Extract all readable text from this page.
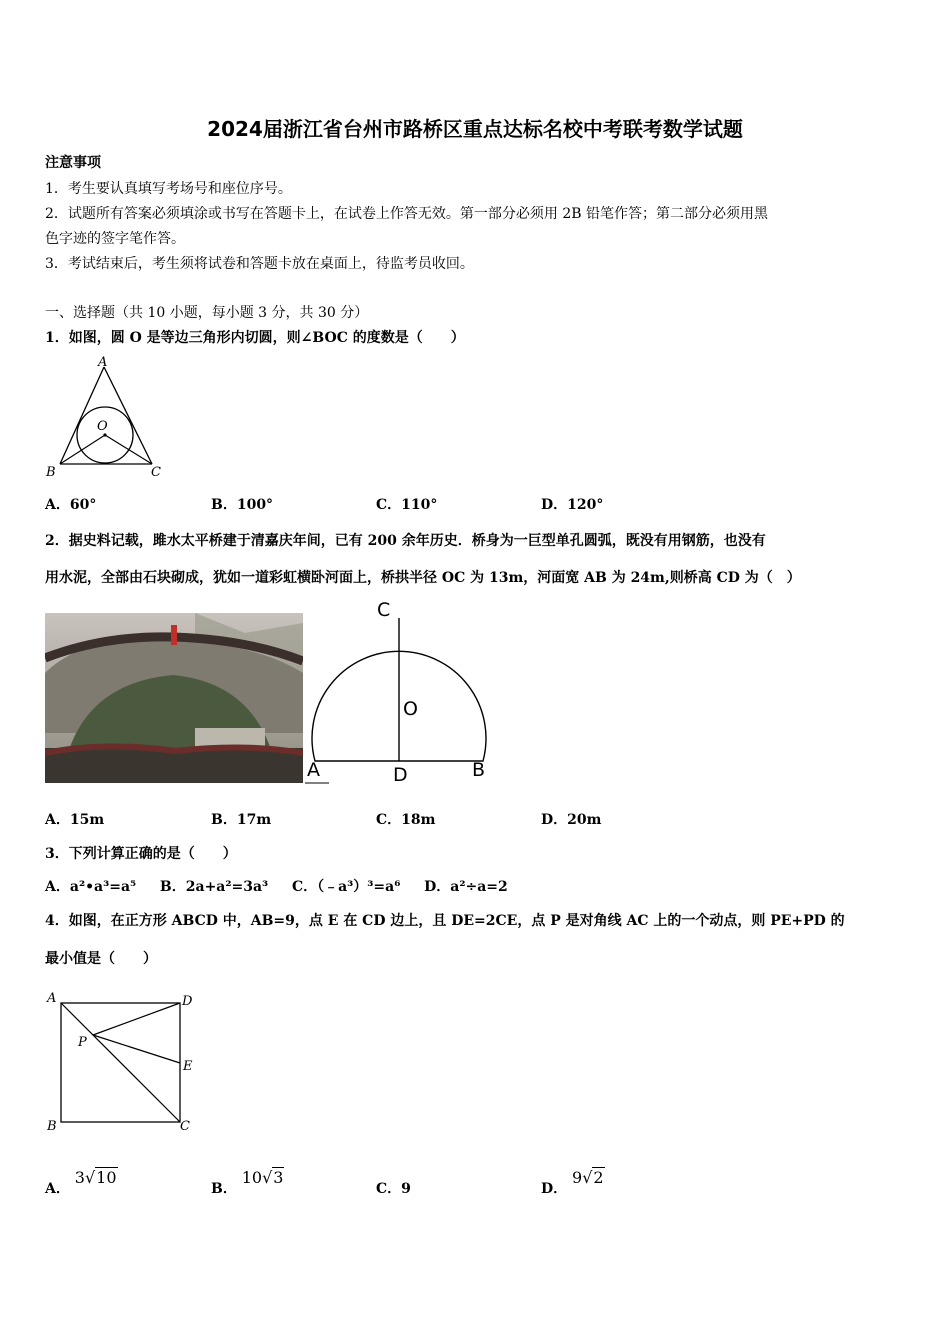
2024届浙江省台州市路桥区重点达标名校中考联考数学试题
注意事项
1．考生要认真填写考场号和座位序号。
2．试题所有答案必须填涂或书写在答题卡上，在试卷上作答无效。第一部分必须用 2B 铅笔作答；第二部分必须用黑
色字迹的签字笔作答。
3．考试结束后，考生须将试卷和答题卡放在桌面上，待监考员收回。
一、选择题（共 10 小题，每小题 3 分，共 30 分）
1．如图，圆 O 是等边三角形内切圆，则∠BOC 的度数是（　　）
A
B	C
O
A．60°	B．100°	C．110°	D．120°
2．据史料记载，雎水太平桥建于清嘉庆年间，已有 200 余年历史．桥身为一巨型单孔圆弧，既没有用钢筋，也没有
用水泥，全部由石块砌成，犹如一道彩虹横卧河面上，桥拱半径 OC 为 13m，河面宽 AB 为 24m,则桥高 CD 为（　）
C
O
A	D	B
A．15m	B．17m	C．18m	D．20m
3．下列计算正确的是（　　）
A．a²•a³=a⁵ B．2a+a²=3a³ C．（﹣a³）³=a⁶ D．a²÷a=2
4．如图，在正方形 ABCD 中，AB=9，点 E 在 CD 边上，且 DE=2CE，点 P 是对角线 AC 上的一个动点，则 PE+PD 的
最小值是（　　）
A	D
P
E
B	C
A． 3√10
B． 10√3
C．9	D． 9√2
